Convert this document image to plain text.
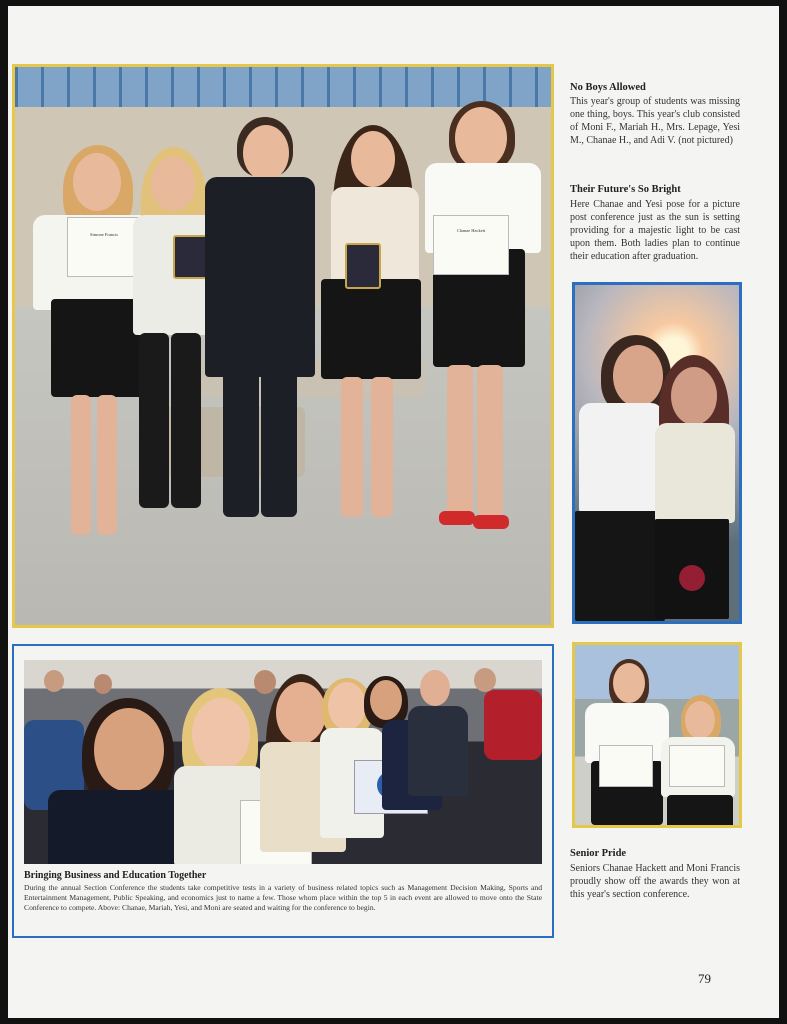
Simone Francis
Chanae Hackett
No Boys Allowed
This year's group of students was missing one thing, boys. This year's club consisted of Moni F., Mariah H., Mrs. Lepage, Yesi M., Chanae H., and Adi V. (not pictured)
Their Future's So Bright
Here Chanae and Yesi pose for a picture post conference just as the sun is setting providing for a majestic light to be cast upon them. Both ladies plan to continue their education after graduation.
Senior Pride
Seniors Chanae Hackett and Moni Francis proudly show off the awards they won at this year's section conference.
Bringing Business and Education Together
During the annual Section Conference the students take competitive tests in a variety of business related topics such as Management Decision Making, Sports and Entertainment Management, Public Speaking, and economics just to name a few. Those whom place within the top 5 in each event are allowed to move onto the State Conference to compete. Above: Chanae, Mariah, Yesi, and Moni are seated and waiting for the conference to begin.
79
